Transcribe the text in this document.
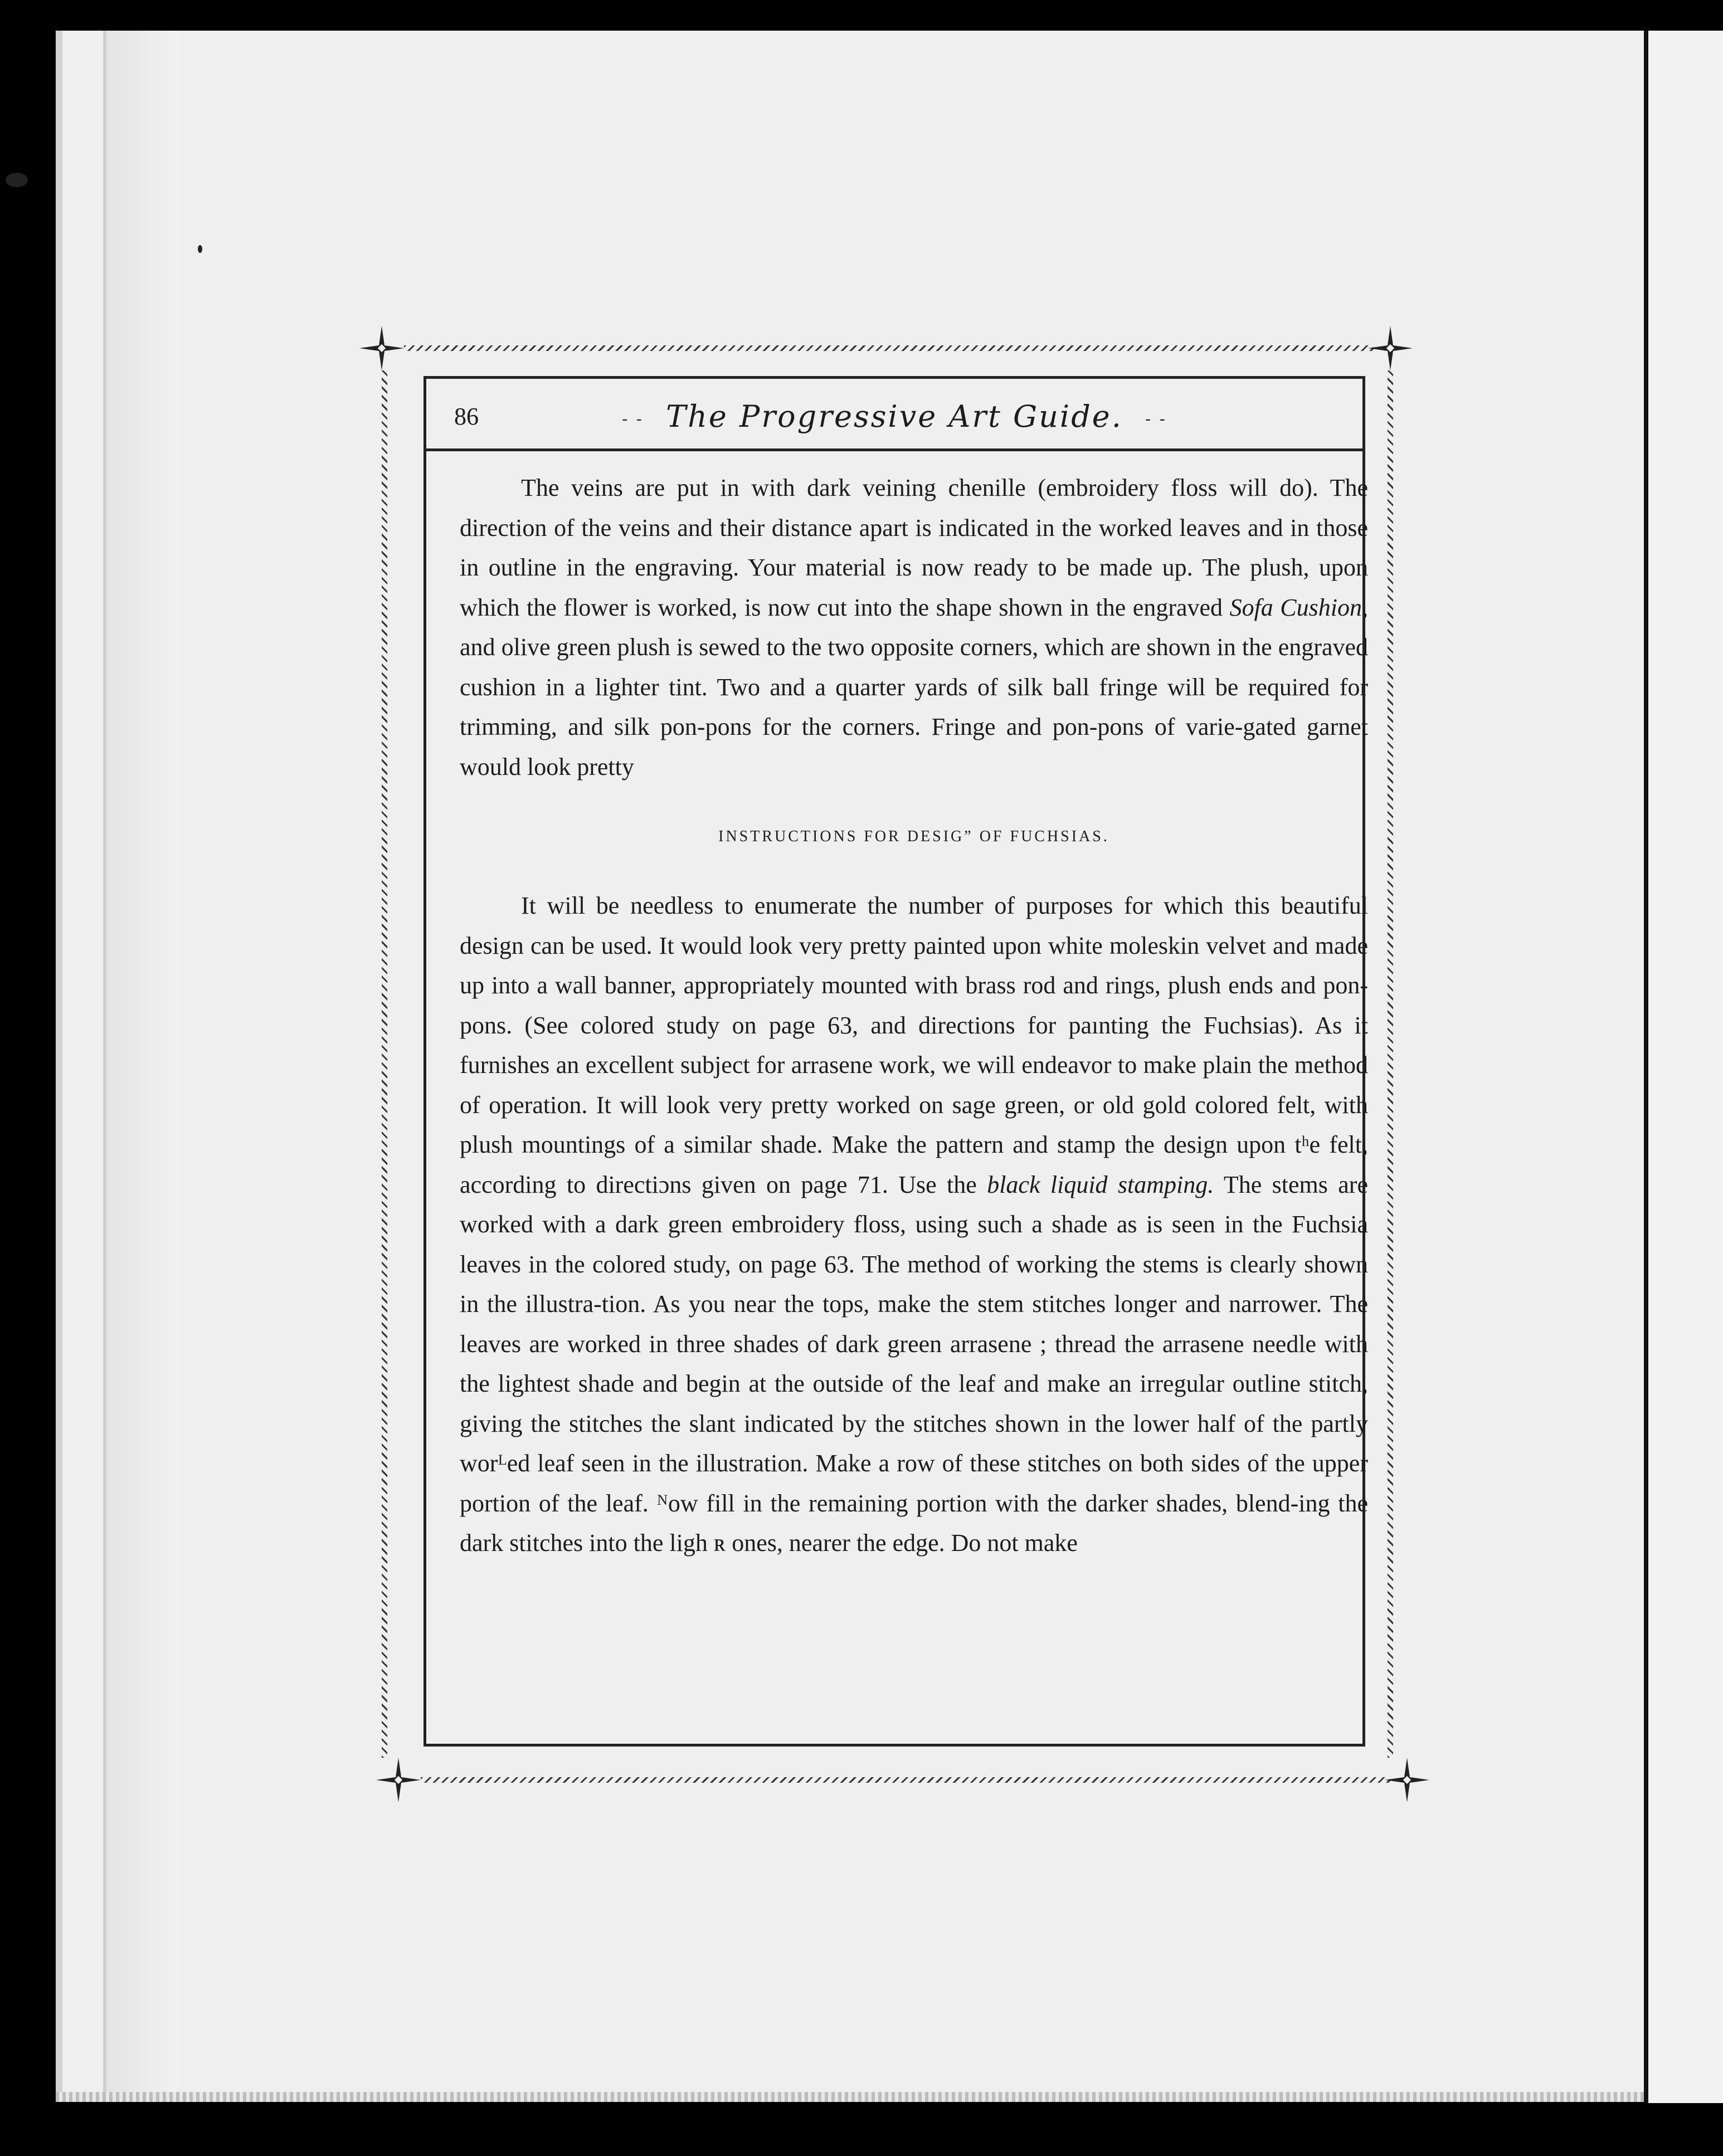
86	- - The Progressive Art Guide. - -

The veins are put in with dark veining chenille (embroidery floss will do). The direction of the veins and their distance apart is indicated in the worked leaves and in those in outline in the engraving. Your material is now ready to be made up. The plush, upon which the flower is worked, is now cut into the shape shown in the engraved Sofa Cushion, and olive green plush is sewed to the two opposite corners, which are shown in the engraved cushion in a lighter tint. Two and a quarter yards of silk ball fringe will be required for trimming, and silk pon-pons for the corners. Fringe and pon-pons of varie-gated garnet would look pretty

INSTRUCTIONS FOR DESIGˮ OF FUCHSIAS.

It will be needless to enumerate the number of purposes for which this beautiful design can be used. It would look very pretty painted upon white moleskin velvet and made up into a wall banner, appropriately mounted with brass rod and rings, plush ends and pon-pons. (See colored study on page 63, and directions for paınting the Fuchsias). As it furnishes an excellent subject for arrasene work, we will endeavor to make plain the method of operation. It will look very pretty worked on sage green, or old gold colored felt, with plush mountings of a similar shade. Make the pattern and stamp the design upon tʰe felt, according to directiɔns given on page 71. Use the black liquid stamping. The stems are worked with a dark green embroidery floss, using such a shade as is seen in the Fuchsia leaves in the colored study, on page 63. The method of working the stems is clearly shown in the illustra-tion. As you near the tops, make the stem stitches longer and narrower. The leaves are worked in three shades of dark green arrasene ; thread the arrasene needle with the lightest shade and begin at the outside of the leaf and make an irregular outline stitch, giving the stitches the slant indicated by the stitches shown in the lower half of the partly worᴸed leaf seen in the illustration. Make a row of these stitches on both sides of the upper portion of the leaf. ᴺow fill in the remaining portion with the darker shades, blend-ing the dark stitches into the ligh ʀ ones, nearer the edge. Do not make
